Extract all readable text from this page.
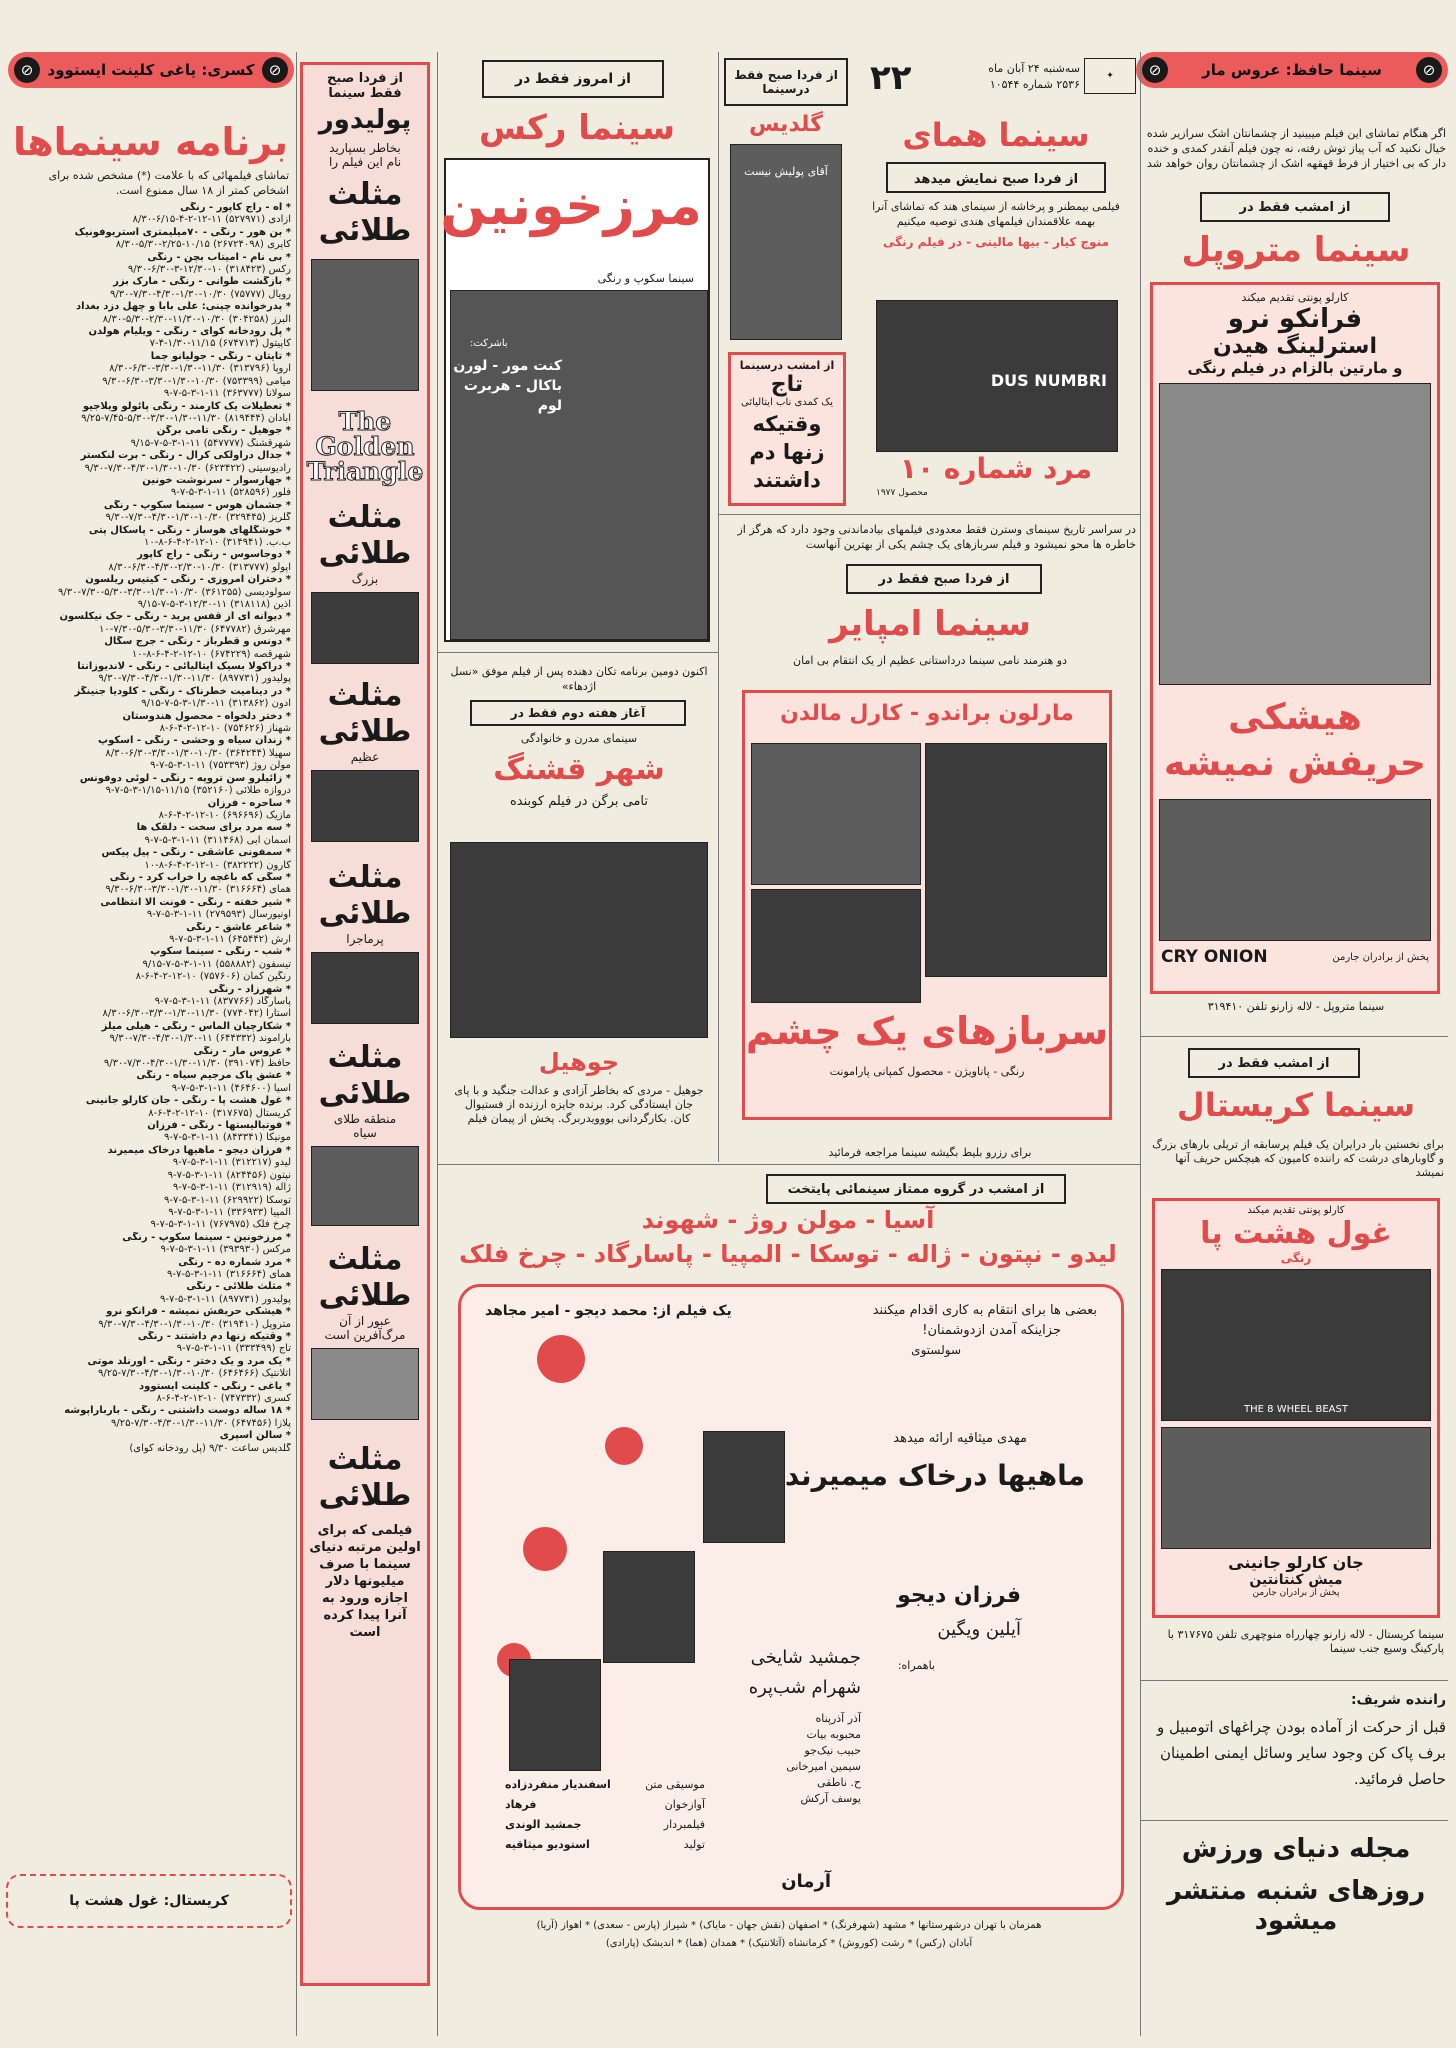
⊘ کسری: یاغی کلینت ایستوود ⊘	۲۲	سه‌شنبه ۲۴ آبان ماه
۲۵۳۶ شماره ۱۰۵۴۴
✦	⊘	سینما حافظ: عروس مار	⊘
برنامه سینماها
تماشای فیلمهائی که با علامت (*) مشخص شده برای اشخاص کمتر از ۱۸ سال ممنوع است.
* آه - راج کاپور - رنگی
آزادی (۵۲۷۹۷۱) ۱۱-۱۲-۲-۴-۶/۱۵-۸/۳۰
* بن هور - رنگی - ۷۰میلیمتری استریوفونیک
کاپری (۲۶۷۲۴۰۹۸) ۱۰/۱۵-۲/۲۵-۵/۳۰-۸/۳۰
* بی نام - امیتاب بچن - رنگی
رکس (۳۱۸۴۲۳) ۱۰-۱۲/۳۰-۳-۶/۳۰-۹/۳۰
* بازگشت طوانی - رنگی - مارک بزر
رویال (۷۵۷۷۷) ۱۰/۳۰-۱/۳۰-۴/۳۰-۷/۳۰-۹/۳۰
* پدرخوانده چینی: علی بابا و چهل دزد بغداد
البرز (۳۰۴۲۵۸) ۱۰/۳۰-۱۱/۳۰-۲/۳۰-۵/۳۰-۸/۳۰
* پل رودخانه کوای - رنگی - ویلیام هولدن
کاپیتول (۶۷۴۷۱۳) ۱۱/۱۵-۱/۳۰-۴-۷
* تایتان - رنگی - جولیانو جما
اروپا (۳۱۳۷۹۶) ۱۱/۳۰-۱/۳۰-۳/۳۰-۶/۳۰-۸/۳۰
میامی (۷۵۳۳۹۹) ۱۰/۳۰-۱/۳۰-۳/۳۰-۶/۳۰-۹/۳۰
سولانا (۳۶۳۷۷۷) ۱۱-۱-۳-۵-۷-۹
* تعطیلات یک کارمند - رنگی پائولو ویلاجیو
آبادان (۸۱۹۴۴۴) ۱۱/۳۰-۱/۳۰-۳/۳۰-۵/۳۰-۷/۴۵-۹/۲۵
* جوهیل - رنگی تامی برگن
شهرقشنگ (۵۴۷۷۷۷) ۱۱-۱-۳-۵-۷-۹/۱۵
* جدال دراولکی کرال - رنگی - برت لنکستر
رادیوسیتی (۶۲۳۴۲۲) ۱۰/۳۰-۱/۳۰-۴/۳۰-۷/۳۰-۹/۳۰
* جهارسوار - سرنوشت خونین
فلور (۵۲۸۵۹۶) ۱۱-۱-۳-۵-۷-۹
* جشمان هوس - سینما سکوپ - رنگی
گلریز (۳۲۹۴۴۵) ۱۰/۳۰-۱/۳۰-۴/۳۰-۷/۳۰-۹/۳۰
* خوشگلهای هوساز - رنگی - پاسکال پتی
ب.ب. (۳۱۴۹۴۱) ۱۰-۱۲-۲-۴-۶-۸-۱۰
* دوجاسوس - رنگی - راج کاپور
آپولو (۳۱۳۷۷۷) ۱۰/۳۰-۲/۳۰-۴/۳۰-۶/۳۰-۸/۳۰
* دختران امروزی - رنگی - کیتیس ریلسون
سولودیسی (۳۶۱۲۵۵) ۱۰/۳۰-۱/۳۰-۳/۳۰-۵/۳۰-۷/۳۰-۹/۳۰
آذین (۳۱۸۱۱۸) ۱۱-۱۲/۳۰-۳-۵-۷-۹/۱۵
* دیوانه ای از قفس پرید - رنگی - جک نیکلسون
مهرشرق (۶۴۷۷۸۲) ۱۱/۳۰-۳/۳۰-۵/۳۰-۷/۳۰-۱۰
* دونس و قطرباز - رنگی - جرج سگال
شهرقصه (۶۷۴۲۲۹) ۱۰-۱۲-۲-۴-۶-۸-۱۰
* دراکولا بسیک ایتالیائی - رنگی - لاندیوزانتا
پولیدور (۸۹۷۷۳۱) ۱۱/۳۰-۱/۳۰-۴/۳۰-۷/۳۰-۹/۳۰
* در دینامیت خطرناک - رنگی - کلودیا جنینگز
ادون (۳۱۳۸۶۲) ۱۱-۱/۳۰-۳-۵-۷-۹/۱۵
* دختر دلخواه - محصول هندوستان
شهناز (۷۵۴۶۲۶) ۱۰-۱۲-۲-۴-۶-۸
* زندان سیاه و وحشی - رنگی - اسکوپ
سهیلا (۳۶۴۲۴۴) ۱۰/۳۰-۱/۳۰-۳/۳۰-۶/۳۰-۸/۳۰
مولن روژ (۷۵۳۳۹۳) ۱۱-۱-۳-۵-۷-۹
* زائیلرو سن تروپه - رنگی - لوئی دوفونس
دروازه طلائی (۳۵۲۱۶۰) ۱۱/۱۵-۱/۱۵-۳-۵-۷-۹
* ساحره - فرزان
مازیک (۶۹۶۶۹۶) ۱۰-۱۲-۲-۴-۶-۸
* سه مرد برای سخت - دلقک ها
آسمان آبی (۳۱۱۴۶۸) ۱۱-۱-۳-۵-۷-۹
* سمفونی عاشقی - رنگی - پیل پیکس
کارون (۳۸۲۲۲۲) ۱۰-۱۲-۲-۴-۶-۸-۱۰
* سگی که باغچه را خراب کرد - رنگی
همای (۳۱۶۶۶۴) ۱۱/۳۰-۱/۳۰-۳/۳۰-۶/۳۰-۹/۳۰
* شیر خفته - رنگی - فونت الا انتظامی
اونیورسال (۲۷۹۵۹۳) ۱۱-۱-۳-۵-۷-۹
* شاعر عاشق - رنگی
آرش (۶۴۵۴۴۲) ۱۱-۱-۳-۵-۷-۹
* شب - رنگی - سینما سکوپ
تیسفون (۵۵۸۸۸۲) ۱۱-۱-۳-۵-۷-۹/۱۵
رنگین کمان (۷۵۷۶۰۶) ۱۰-۱۲-۲-۴-۶-۸
* شهرزاد - رنگی
پاسارگاد (۸۳۷۷۶۶) ۱۱-۱-۳-۵-۷-۹
آستارا (۷۷۴۰۴۲) ۱۱/۳۰-۱/۳۰-۳/۳۰-۶/۳۰-۸/۳۰
* شکارچیان الماس - رنگی - هیلی میلز
باراموند (۶۴۴۳۳۲) ۱۱-۱/۳۰-۴/۳۰-۷/۳۰-۹/۳۰
* عروس مار - رنگی
حافظ (۳۹۱۰۷۴) ۱۱/۳۰-۱/۳۰-۴/۳۰-۷/۳۰-۹/۳۰
* عشق پاک مرجیم سیاه - رنگی
آسیا (۴۶۴۶۰۰) ۱۱-۱-۳-۵-۷-۹
* غول هشت پا - رنگی - جان کارلو جانینی
کریستال (۳۱۷۶۷۵) ۱۰-۱۲-۲-۴-۶-۸
* فوتبالیستها - رنگی - فرزان
مونیکا (۸۴۳۳۴۱) ۱۱-۱-۳-۵-۷-۹
* فرزان دیجو - ماهیها درخاک میمیرند
لیدو (۳۱۲۲۱۷) ۱۱-۱-۳-۵-۷-۹
نپتون (۸۲۴۴۵۶) ۱۱-۱-۳-۵-۷-۹
ژاله (۳۱۲۹۱۹) ۱۱-۱-۳-۵-۷-۹
توسکا (۶۲۹۹۲۲) ۱۱-۱-۳-۵-۷-۹
المپیا (۳۳۶۹۳۳) ۱۱-۱-۳-۵-۷-۹
چرخ فلک (۷۶۷۹۷۵) ۱۱-۱-۳-۵-۷-۹
* مرزخونین - سینما سکوپ - رنگی
مرکس (۳۹۳۹۳۰) ۱۱-۱-۳-۵-۷-۹
* مرد شماره ده - رنگی
همای (۳۱۶۶۶۴) ۱۱-۱-۳-۵-۷-۹
* مثلث طلائی - رنگی
پولیدور (۸۹۷۷۳۱) ۱۱-۱-۳-۵-۷-۹
* هیشکی حریفش نمیشه - فرانکو نرو
متروپل (۳۱۹۴۱۰) ۱۰/۳۰-۱/۳۰-۴/۳۰-۷/۳۰-۹/۳۰
* وقتیکه زنها دم داشتند - رنگی
تاج (۳۳۳۴۹۹) ۱۱-۱-۳-۵-۷-۹
* یک مرد و یک دختر - رنگی - اورنلد موتی
آتلانتیک (۶۴۶۴۶۶) ۱۰/۳۰-۱/۳۰-۴/۳۰-۷/۳۰-۹/۲۵
* یاغی - رنگی - کلینت ایستوود
کسری (۷۴۷۳۳۲) ۱۰-۱۲-۲-۴-۶-۸
* ۱۸ ساله دوست داشتنی - رنگی - بارباراپوشه
پلازا (۶۴۷۴۵۶) ۱۱/۳۰-۱/۳۰-۴/۳۰-۷/۳۰-۹/۲۵
* سالن اسپری
گلدیس ساعت ۹/۳۰ (پل رودخانه کوای)
کریستال: غول هشت پا
از فردا صبح
فقط سینما
پولیدور
بخاطر بسپارید
نام این فیلم را
مثلث طلائی
The Golden Triangle
مثلث طلائی
بزرگ
مثلث طلائی
عظیم
مثلث طلائی
پرماجرا
مثلث طلائی
منطقه طلای
سیاه
مثلث طلائی
عبور از آن
مرگ‌آفرین است
مثلث طلائی
فیلمی که برای اولین مرتبه دنیای سینما با صرف میلیونها دلار اجازه ورود به آنرا پیدا کرده است
از امروز فقط در
سینما رکس
مرزخونین
سینما سکوپ و رنگی
باشرکت:
کنت مور - لورن باکال - هربرت لوم
از فردا صبح فقط
درسینما
گلدیس
آقای پولیش نیست
از امشب درسینما
تاج
یک کمدی ناب ایتالیائی
وقتیکه زنها دم داشتند
سینما همای
از فردا صبح نمایش میدهد
فیلمی بیمطنر و پرخاشه از سینمای هند که تماشای آنرا بهمه علاقمندان فیلمهای هندی توصیه میکنیم
منوج کیار - بیها مالینی - در فیلم رنگی
DUS NUMBRI
مرد شماره ۱۰
محصول ۱۹۷۷
در سراسر تاریخ سینمای وسترن فقط معدودی فیلمهای بیادماندنی وجود دارد که هرگز از خاطره ها محو نمیشود و فیلم سربازهای یک چشم یکی از بهترین آنهاست
از فردا صبح فقط در
سینما امپایر
دو هنرمند نامی سینما درداستانی عظیم از یک انتقام بی امان
مارلون براندو - کارل مالدن
سربازهای یک چشم
رنگی - پاناویژن - محصول کمپانی پارامونت
برای رزرو بلیط بگیشه سینما مراجعه فرمائید
اکنون دومین برنامه تکان دهنده پس از فیلم موفق «نسل اژدهاء»
آغاز هفته دوم فقط در
سینمای مدرن و خانوادگی
شهر قشنگ
تامی برگن در فیلم کوبنده
جوهیل
جوهیل - مردی که بخاطر آزادی و عدالت جنگید و با پای جان ایستادگی کرد. برنده جایزه ارزنده از فستیوال کان. بکارگردانی بووویدربرگ. پخش از پیمان فیلم
اگر هنگام تماشای این فیلم میبینید از چشمانتان اشک سرازیر شده خیال نکنید که آب پیاز توش رفته، نه چون فیلم آنقدر کمدی و خنده دار که بی اختیار از فرط قهقهه اشک از چشمانتان روان خواهد شد
از امشب فقط در
سینما متروپل
کارلو پونتی تقدیم میکند
فرانکو نرو
استرلینگ هیدن
و مارتین بالزام در فیلم رنگی
هیشکی حریفش نمیشه
پخش از برادران جارمن
CRY ONION
سینما متروپل - لاله زارنو تلفن ۳۱۹۴۱۰
از امشب فقط در
سینما کریستال
برای نخستین بار درایران یک فیلم پرسابقه از تریلی بارهای بزرگ و گاوبارهای درشت که راننده کامیون که هیچکس حریف آنها نمیشد
کارلو پونتی تقدیم میکند
غول هشت پا
رنگی
THE 8 WHEEL BEAST
جان کارلو جانینی
میش کنتانتین
پخش از برادران جارمن
سینما کریستال - لاله زارنو چهارراه منوچهری تلفن ۳۱۷۶۷۵ با پارکینگ وسیع جنب سینما
راننده شریف:
قبل از حرکت از آماده بودن چراغهای اتومبیل و برف پاک کن وجود سایر وسائل ایمنی اطمینان حاصل فرمائید.
مجله دنیای ورزش
روزهای شنبه منتشر میشود
از امشب در گروه ممتاز سینمائی پایتخت
آسیا - مولن روژ - شهوند
لیدو - نپتون - ژاله - توسکا - المپیا - پاسارگاد - چرخ فلک
یک فیلم از: محمد دیجو - امیر مجاهد	بعضی ها برای انتقام به کاری اقدام میکنند
جزاینکه آمدن ازدوشمنان!
سولستوی
مهدی میثاقیه ارائه میدهد
ماهیها درخاک میمیرند
فرزان دیجو
آیلین ویگین
باهمراه:
جمشید شایخی
شهرام شب‌پره
آذر آذرپناه
محبوبه بیات
حبیب نیک‌جو
سیمین امیرخانی
ح. ناطقی
یوسف آرکش
موسیقی متن
اسفندیار منفردزاده
آوازخوان
فرهاد
فیلمبردار
جمشید الوندی
تولید
استودیو میثاقیه
آرمان
همزمان با تهران درشهرستانها * مشهد (شهرفرنگ) * اصفهان (نقش جهان - مایاک) * شیراز (پارس - سعدی) * اهواز (آریا)
آبادان (رکس) * رشت (کوروش) * کرمانشاه (آتلانتیک) * همدان (هما) * اندیشک (پارادی)
